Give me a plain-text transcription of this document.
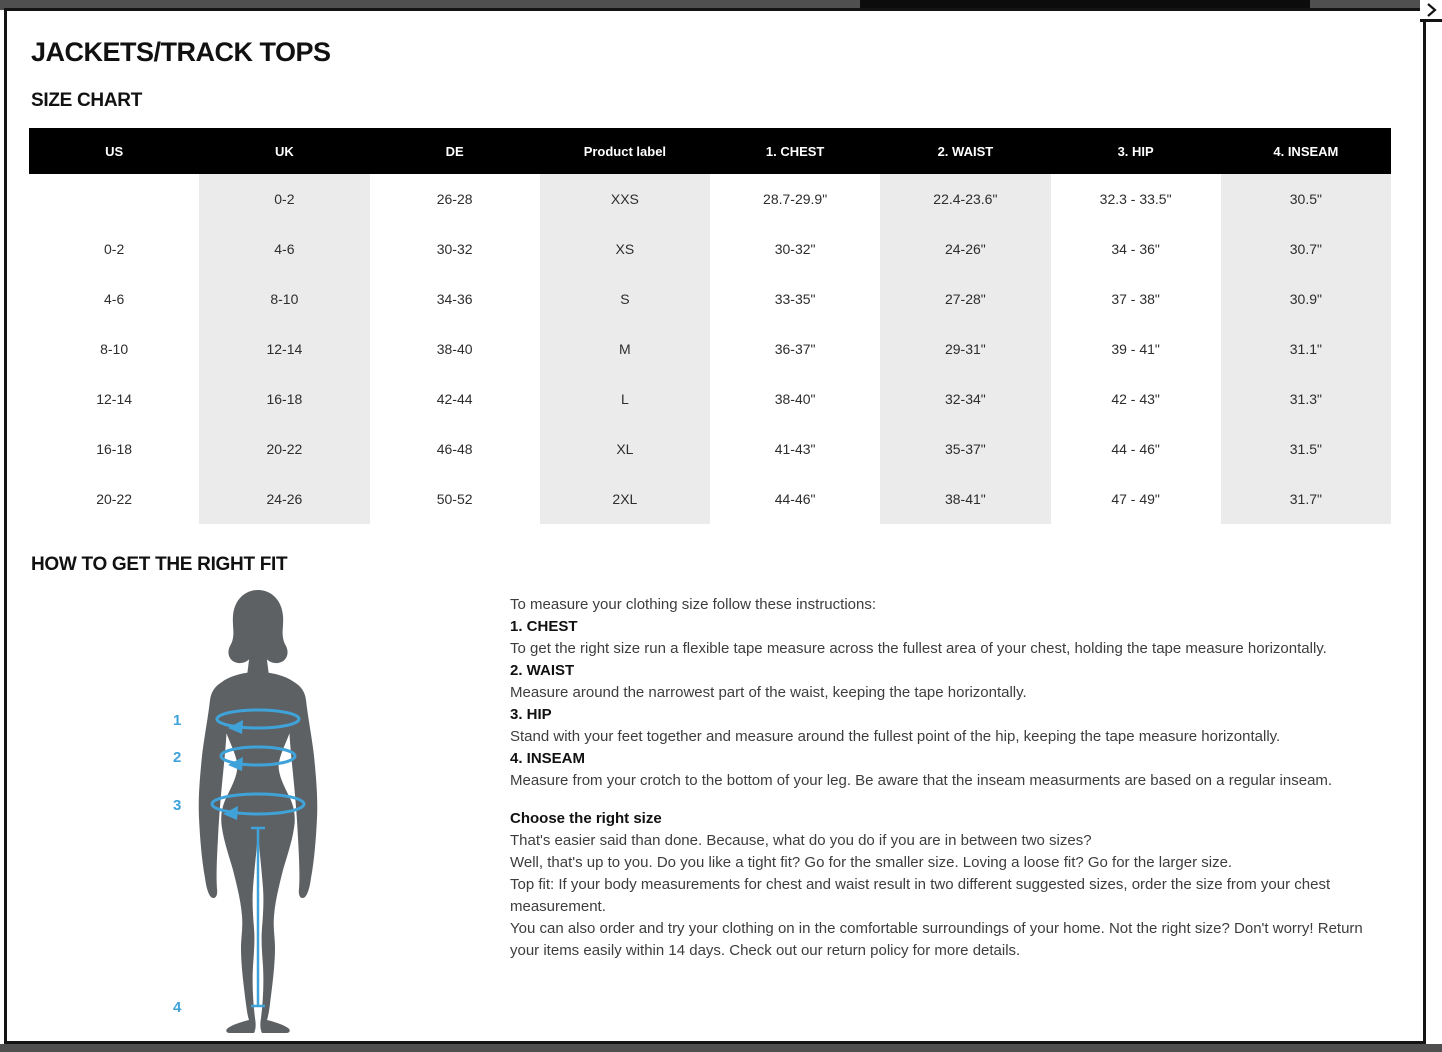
JACKETS/TRACK TOPS
SIZE CHART
US	UK	DE	Product label	1. CHEST	2. WAIST	3. HIP	4. INSEAM
	0-2	26-28	XXS	28.7-29.9"	22.4-23.6"	32.3 - 33.5"	30.5"
0-2	4-6	30-32	XS	30-32"	24-26"	34 - 36"	30.7"
4-6	8-10	34-36	S	33-35"	27-28"	37 - 38"	30.9"
8-10	12-14	38-40	M	36-37"	29-31"	39 - 41"	31.1"
12-14	16-18	42-44	L	38-40"	32-34"	42 - 43"	31.3"
16-18	20-22	46-48	XL	41-43"	35-37"	44 - 46"	31.5"
20-22	24-26	50-52	2XL	44-46"	38-41"	47 - 49"	31.7"
HOW TO GET THE RIGHT FIT
1
2
3
4
To measure your clothing size follow these instructions:
1. CHEST
To get the right size run a flexible tape measure across the fullest area of your chest, holding the tape measure horizontally.
2. WAIST
Measure around the narrowest part of the waist, keeping the tape horizontally.
3. HIP
Stand with your feet together and measure around the fullest point of the hip, keeping the tape measure horizontally.
4. INSEAM
Measure from your crotch to the bottom of your leg. Be aware that the inseam measurments are based on a regular inseam.
Choose the right size
That's easier said than done. Because, what do you do if you are in between two sizes?
Well, that's up to you. Do you like a tight fit? Go for the smaller size. Loving a loose fit? Go for the larger size.
Top fit: If your body measurements for chest and waist result in two different suggested sizes, order the size from your chest measurement.
You can also order and try your clothing on in the comfortable surroundings of your home. Not the right size? Don't worry! Return your items easily within 14 days. Check out our return policy for more details.
